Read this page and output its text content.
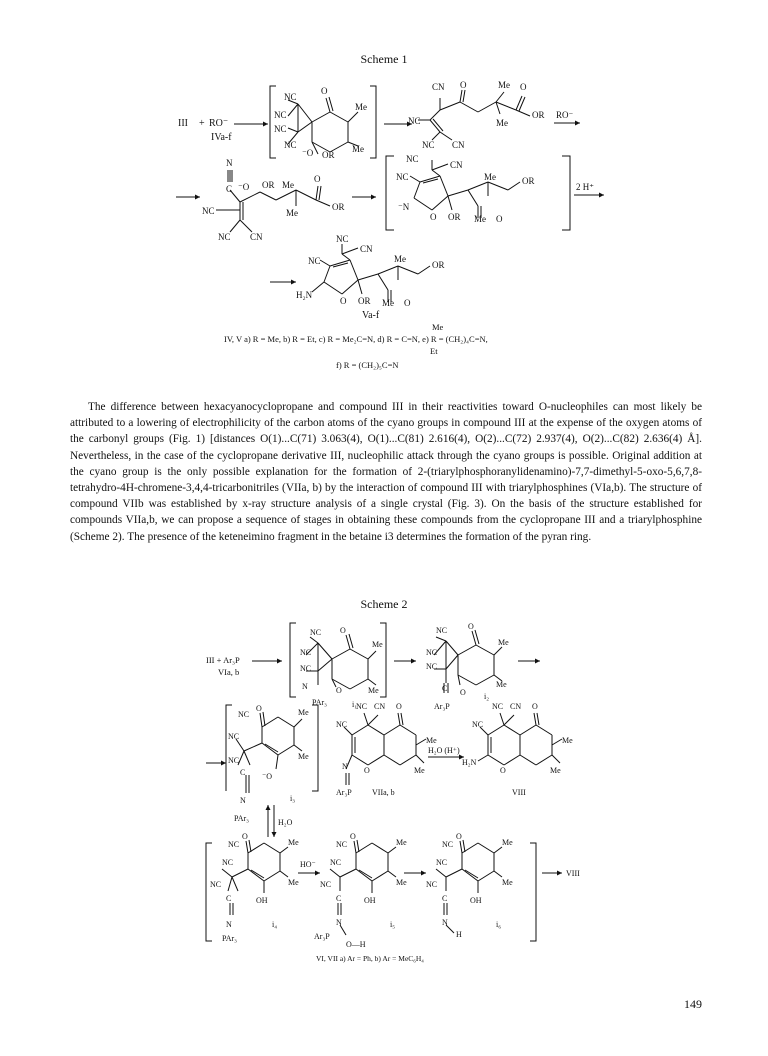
Scheme 1
III + RO⁻
IVa-f
NC
NC
NC
NC
O
Me
Me
⁻O OR
CN O	Me O
Me
OR
NC
NC CN
RO⁻
N
C ⁻O OR Me
O
Me
OR
NC
NC CN
NC
CN
NC
⁻N
O OR
Me	OR
Me O
2 H⁺
NC
CN
NC
H₂N
O OR
Me
OR
Me O
Va-f
Me
IV, V a) R = Me, b) R = Et, c) R = Me₂C=N, d) R = C=N, e) R = (CH₂)₄C=N,
Et
f) R = (CH₂)₅C=N

The difference between hexacyanocyclopropane and compound III in their reactivities toward O-nucleophiles can most likely be attributed to a lowering of electrophilicity of the carbon atoms of the cyano groups in compound III at the expense of the oxygen atoms of the carbonyl groups (Fig. 1) [distances O(1)...C(71) 3.063(4), O(1)...C(81) 2.616(4), O(2)...C(72) 2.937(4), O(2)...C(82) 2.636(4) Å]. Nevertheless, in the case of the cyclopropane derivative III, nucleophilic attack through the cyano groups is possible. Original addition at the cyano group is the only possible explanation for the formation of 2-(triarylphosphoranylidenamino)-7,7-dimethyl-5-oxo-5,6,7,8-tetrahydro-4H-chromene-3,4,4-tricarbonitriles (VIIa, b) by the interaction of compound III with triarylphosphines (VIa,b). The structure of compound VIIb was established by x-ray structure analysis of a single crystal (Fig. 3). On the basis of the structure established for compounds VIIa,b, we can propose a sequence of stages in obtaining these compounds from the cyclopropane III and a triarylphosphine (Scheme 2). The presence of the keteneimino fragment in the betaine i3 determines the formation of the pyran ring.

Scheme 2
III + Ar₃P
VIa, b
NC
NC
NC
O
Me
Me
N	O
PAr₃	i₁
NC
NC
NC
O
Me
Me
C O
Ar₃P
i₂
NC
NC
NC
O	Me
Me
C ⁻O
N
PAr₃
i₃
NC CN O
NC
O
Me
Me
N
Ar₃P	VIIa, b
H₂O (H⁺)
NC CN O
NC
H₂N
O
Me
Me
VIII
H₂O
NC
NC
NC
O
Me
Me
C	OH
N
PAr₃
i₄
HO⁻
NC
NC
NC
O
Me
Me
C	OH
N
Ar₃P
O—H
i₅
NC
NC
NC
O
Me
Me
C	OH
N
H
i₆
VIII
VI, VII a) Ar = Ph, b) Ar = MeC₆H₄
149
